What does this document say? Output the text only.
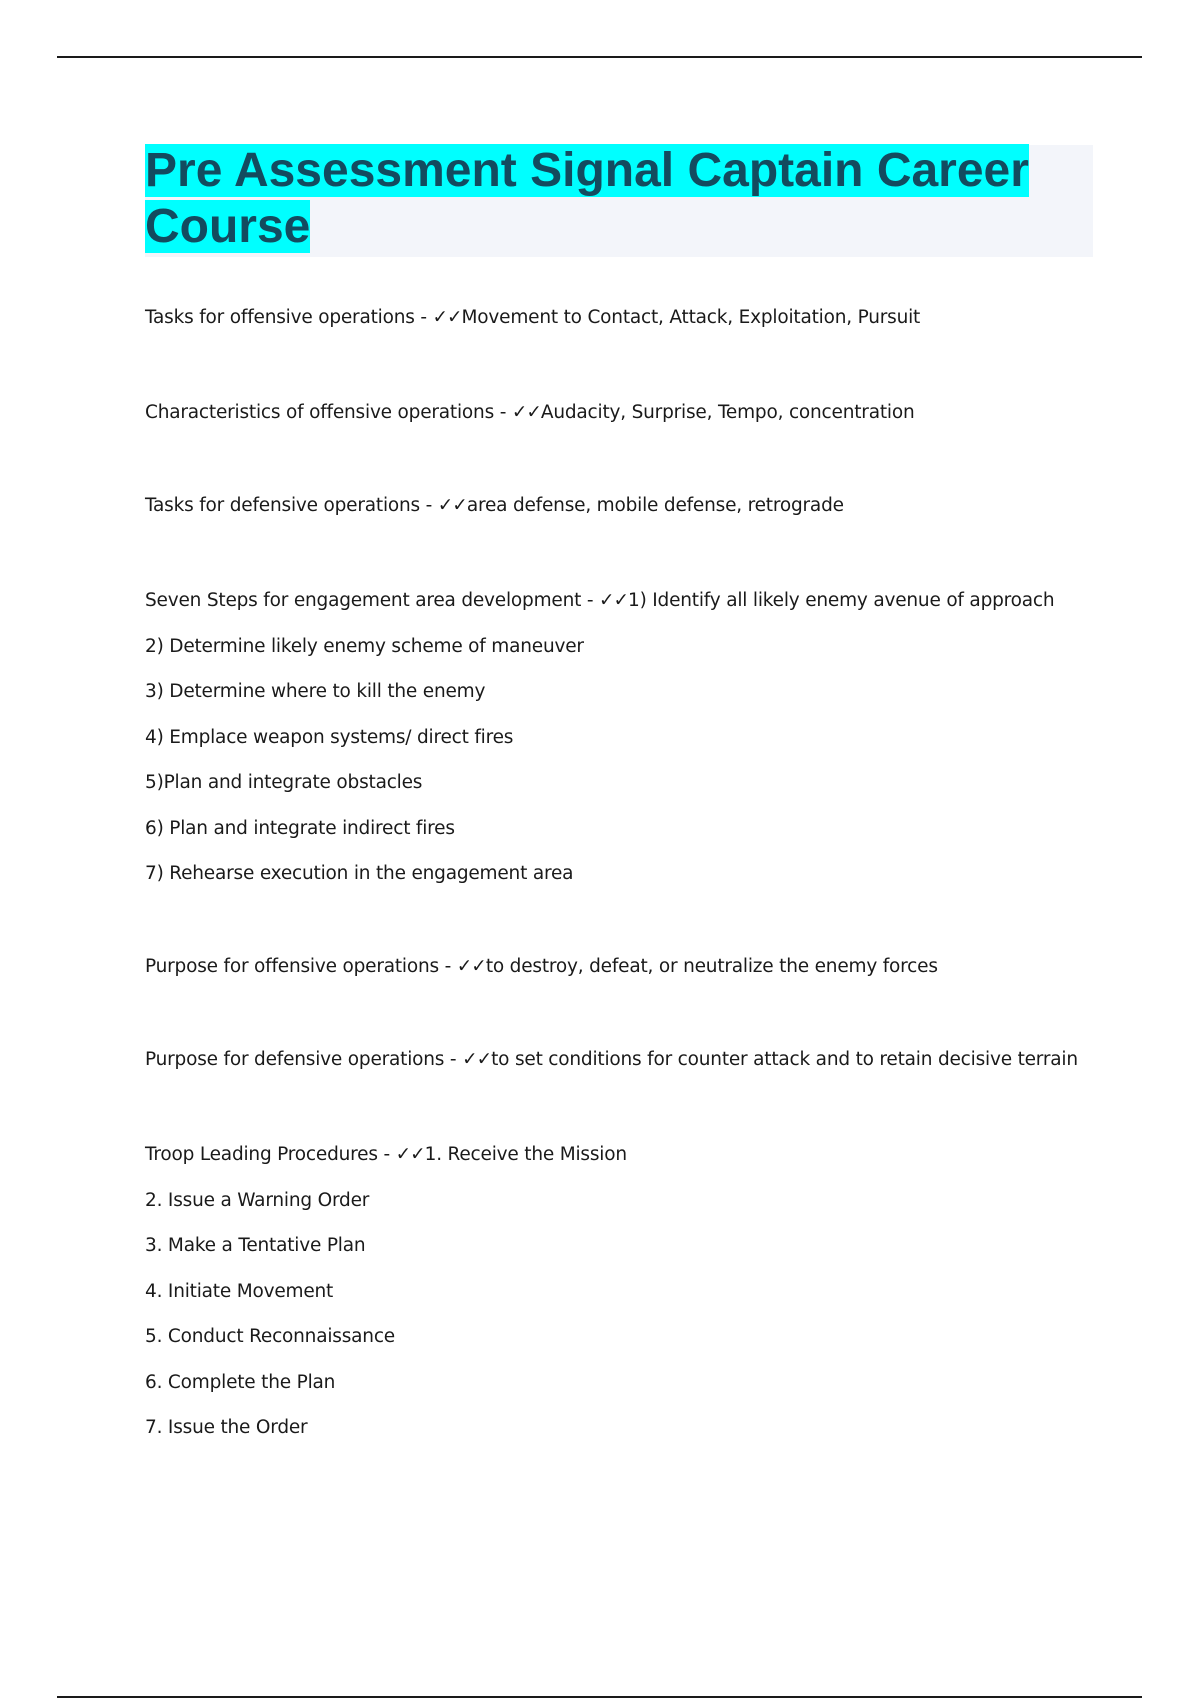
Pre Assessment Signal Captain Career Course

Tasks for offensive operations - ✓✓Movement to Contact, Attack, Exploitation, Pursuit

Characteristics of offensive operations - ✓✓Audacity, Surprise, Tempo, concentration

Tasks for defensive operations - ✓✓area defense, mobile defense, retrograde

Seven Steps for engagement area development - ✓✓1) Identify all likely enemy avenue of approach
2) Determine likely enemy scheme of maneuver
3) Determine where to kill the enemy
4) Emplace weapon systems/ direct fires
5)Plan and integrate obstacles
6) Plan and integrate indirect fires
7) Rehearse execution in the engagement area

Purpose for offensive operations - ✓✓to destroy, defeat, or neutralize the enemy forces

Purpose for defensive operations - ✓✓to set conditions for counter attack and to retain decisive terrain

Troop Leading Procedures - ✓✓1. Receive the Mission
2. Issue a Warning Order
3. Make a Tentative Plan
4. Initiate Movement
5. Conduct Reconnaissance
6. Complete the Plan
7. Issue the Order
